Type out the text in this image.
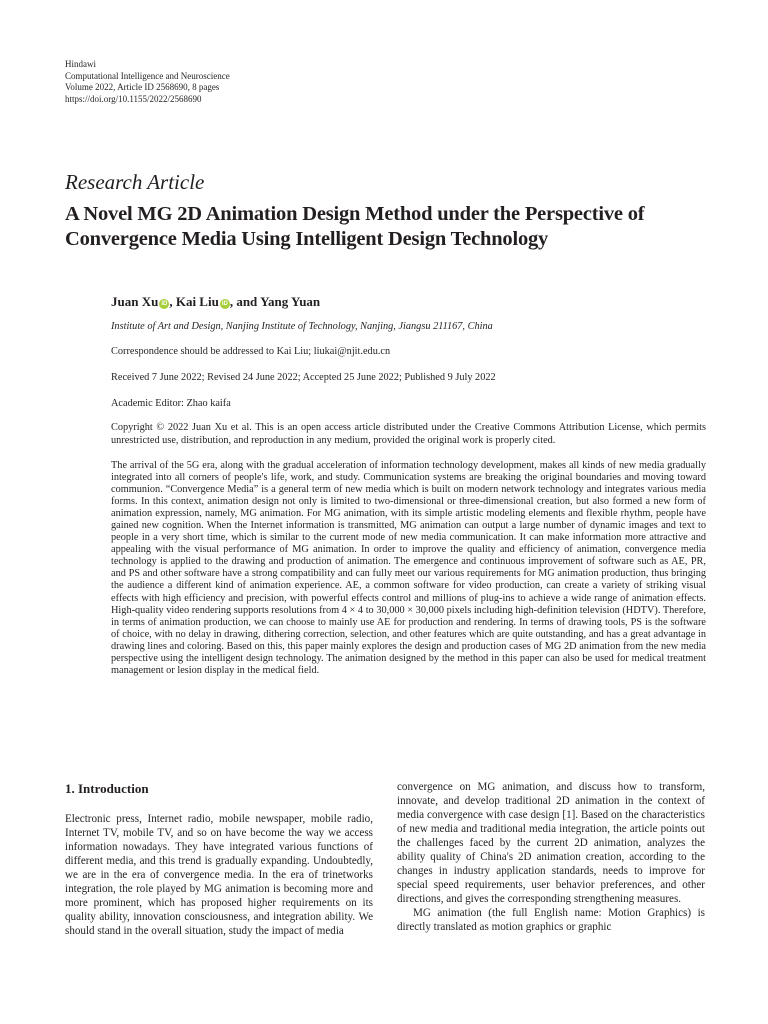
Hindawi
Computational Intelligence and Neuroscience
Volume 2022, Article ID 2568690, 8 pages
https://doi.org/10.1155/2022/2568690
Research Article
A Novel MG 2D Animation Design Method under the Perspective of Convergence Media Using Intelligent Design Technology
Juan Xu iD , Kai Liu iD , and Yang Yuan
Institute of Art and Design, Nanjing Institute of Technology, Nanjing, Jiangsu 211167, China
Correspondence should be addressed to Kai Liu; liukai@njit.edu.cn
Received 7 June 2022; Revised 24 June 2022; Accepted 25 June 2022; Published 9 July 2022
Academic Editor: Zhao kaifa
Copyright © 2022 Juan Xu et al. This is an open access article distributed under the Creative Commons Attribution License, which permits unrestricted use, distribution, and reproduction in any medium, provided the original work is properly cited.
The arrival of the 5G era, along with the gradual acceleration of information technology development, makes all kinds of new media gradually integrated into all corners of people's life, work, and study. Communication systems are breaking the original boundaries and moving toward communion. “Convergence Media” is a general term of new media which is built on modern network technology and integrates various media forms. In this context, animation design not only is limited to two-dimensional or three-dimensional creation, but also formed a new form of animation expression, namely, MG animation. For MG animation, with its simple artistic modeling elements and flexible rhythm, people have gained new cognition. When the Internet information is transmitted, MG animation can output a large number of dynamic images and text to people in a very short time, which is similar to the current mode of new media communication. It can make information more attractive and appealing with the visual performance of MG animation. In order to improve the quality and efficiency of animation, convergence media technology is applied to the drawing and production of animation. The emergence and continuous improvement of software such as AE, PR, and PS and other software have a strong compatibility and can fully meet our various requirements for MG animation production, thus bringing the audience a different kind of animation experience. AE, a common software for video production, can create a variety of striking visual effects with high efficiency and precision, with powerful effects control and millions of plug-ins to achieve a wide range of animation effects. High-quality video rendering supports resolutions from 4 × 4 to 30,000 × 30,000 pixels including high-definition television (HDTV). Therefore, in terms of animation production, we can choose to mainly use AE for production and rendering. In terms of drawing tools, PS is the software of choice, with no delay in drawing, dithering correction, selection, and other features which are quite outstanding, and has a great advantage in drawing lines and coloring. Based on this, this paper mainly explores the design and production cases of MG 2D animation from the new media perspective using the intelligent design technology. The animation designed by the method in this paper can also be used for medical treatment management or lesion display in the medical field.
1. Introduction

Electronic press, Internet radio, mobile newspaper, mobile radio, Internet TV, mobile TV, and so on have become the way we access information nowadays. They have integrated various functions of different media, and this trend is gradually expanding. Undoubtedly, we are in the era of convergence media. In the era of trinetworks integration, the role played by MG animation is becoming more and more prominent, which has proposed higher requirements on its quality ability, innovation consciousness, and integration ability. We should stand in the overall situation, study the impact of media

convergence on MG animation, and discuss how to transform, innovate, and develop traditional 2D animation in the context of media convergence with case design [1]. Based on the characteristics of new media and traditional media integration, the article points out the challenges faced by the current 2D animation, analyzes the ability quality of China's 2D animation creation, according to the changes in industry application standards, needs to improve for special speed requirements, user behavior preferences, and other directions, and gives the corresponding strengthening measures.

MG animation (the full English name: Motion Graphics) is directly translated as motion graphics or graphic
